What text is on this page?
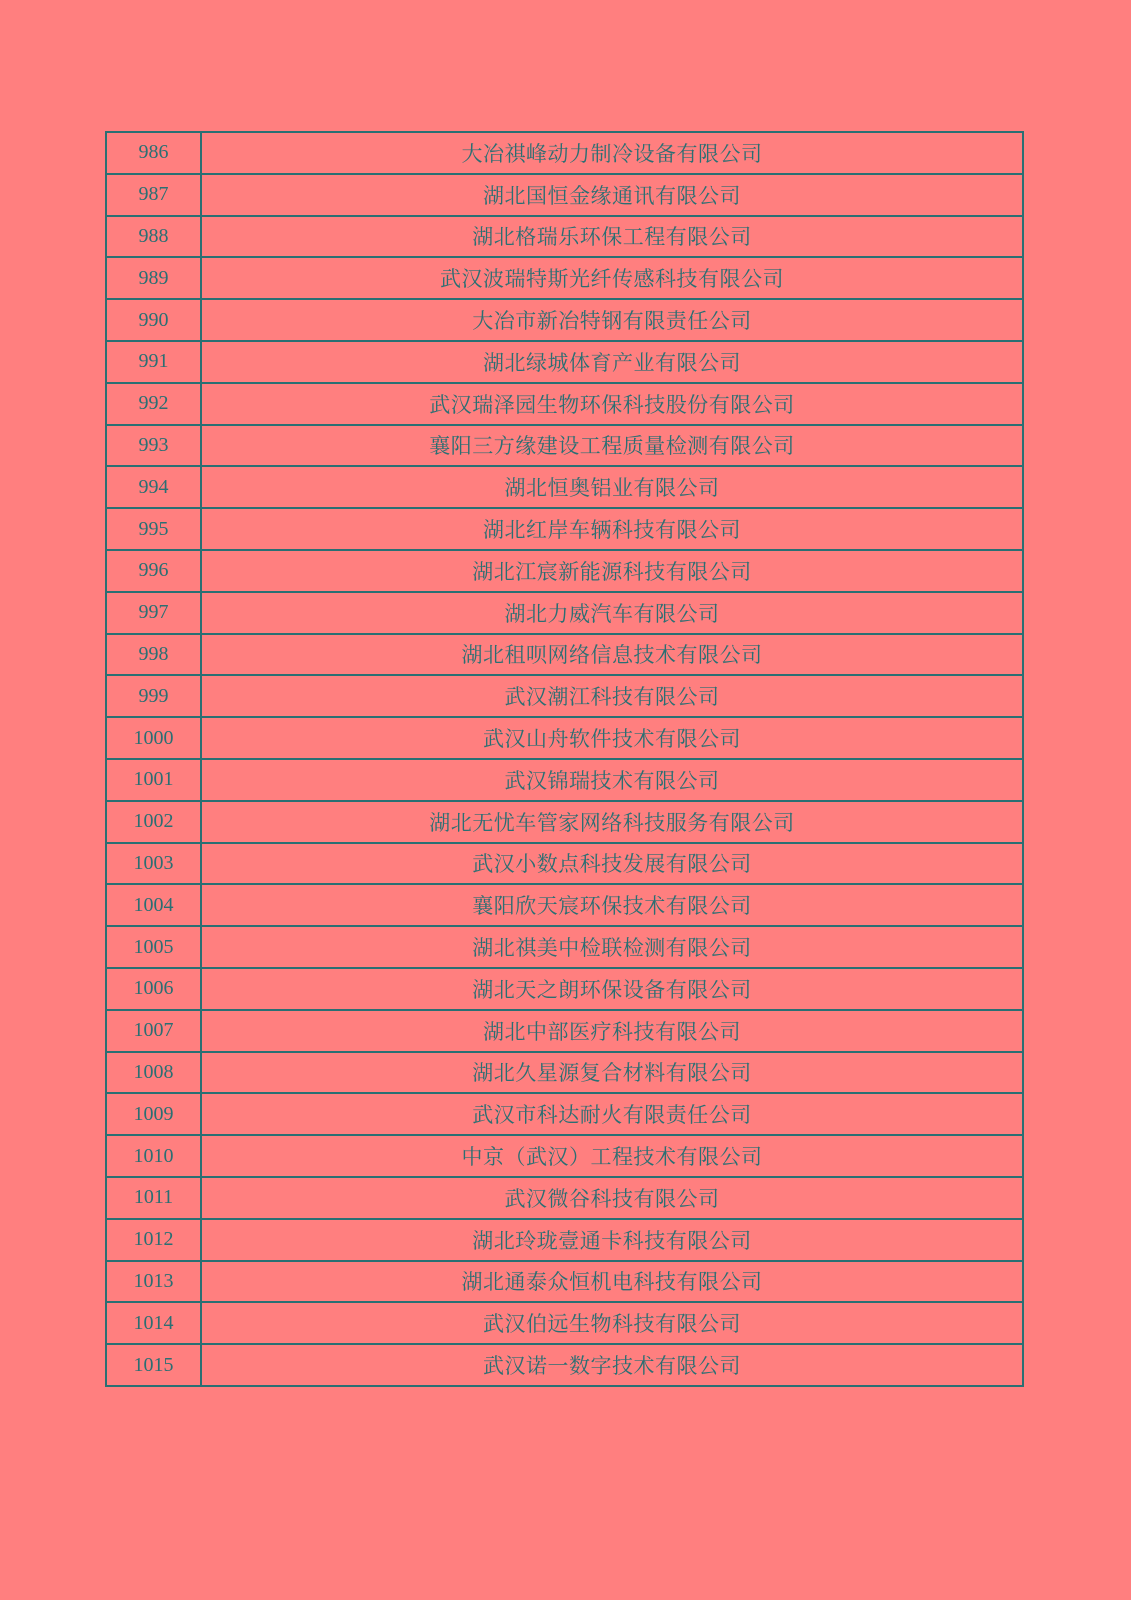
986	大冶祺峰动力制冷设备有限公司
987	湖北国恒金缘通讯有限公司
988	湖北格瑞乐环保工程有限公司
989	武汉波瑞特斯光纤传感科技有限公司
990	大冶市新冶特钢有限责任公司
991	湖北绿城体育产业有限公司
992	武汉瑞泽园生物环保科技股份有限公司
993	襄阳三方缘建设工程质量检测有限公司
994	湖北恒奥铝业有限公司
995	湖北红岸车辆科技有限公司
996	湖北江宸新能源科技有限公司
997	湖北力威汽车有限公司
998	湖北租呗网络信息技术有限公司
999	武汉潮江科技有限公司
1000	武汉山舟软件技术有限公司
1001	武汉锦瑞技术有限公司
1002	湖北无忧车管家网络科技服务有限公司
1003	武汉小数点科技发展有限公司
1004	襄阳欣天宸环保技术有限公司
1005	湖北祺美中检联检测有限公司
1006	湖北天之朗环保设备有限公司
1007	湖北中部医疗科技有限公司
1008	湖北久星源复合材料有限公司
1009	武汉市科达耐火有限责任公司
1010	中京（武汉）工程技术有限公司
1011	武汉微谷科技有限公司
1012	湖北玲珑壹通卡科技有限公司
1013	湖北通泰众恒机电科技有限公司
1014	武汉伯远生物科技有限公司
1015	武汉诺一数字技术有限公司
